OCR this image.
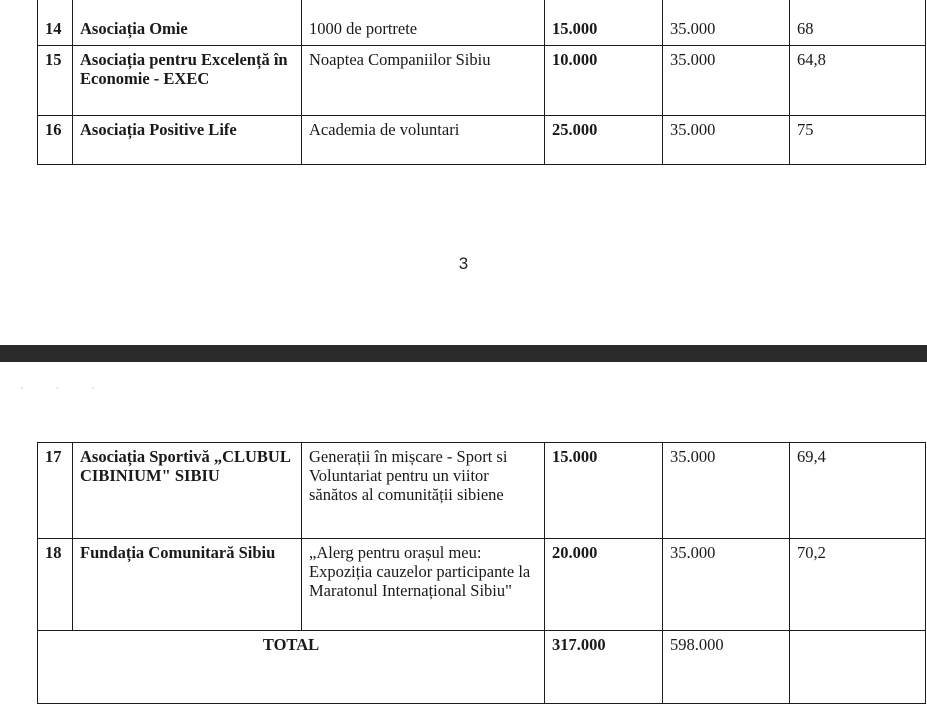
14	Asociația Omie	1000 de portrete	15.000	35.000	68
15	Asociația pentru Excelență în Economie - EXEC	Noaptea Companiilor Sibiu	10.000	35.000	64,8
16	Asociația Positive Life	Academia de voluntari	25.000	35.000	75
3
· · ·
17	Asociația Sportivă „CLUBUL CIBINIUM" SIBIU	Generații în mișcare - Sport si Voluntariat pentru un viitor sănătos al comunității sibiene	15.000	35.000	69,4
18	Fundația Comunitară Sibiu	„Alerg pentru orașul meu: Expoziția cauzelor participante la Maratonul Internațional Sibiu"	20.000	35.000	70,2
TOTAL			317.000	598.000	
